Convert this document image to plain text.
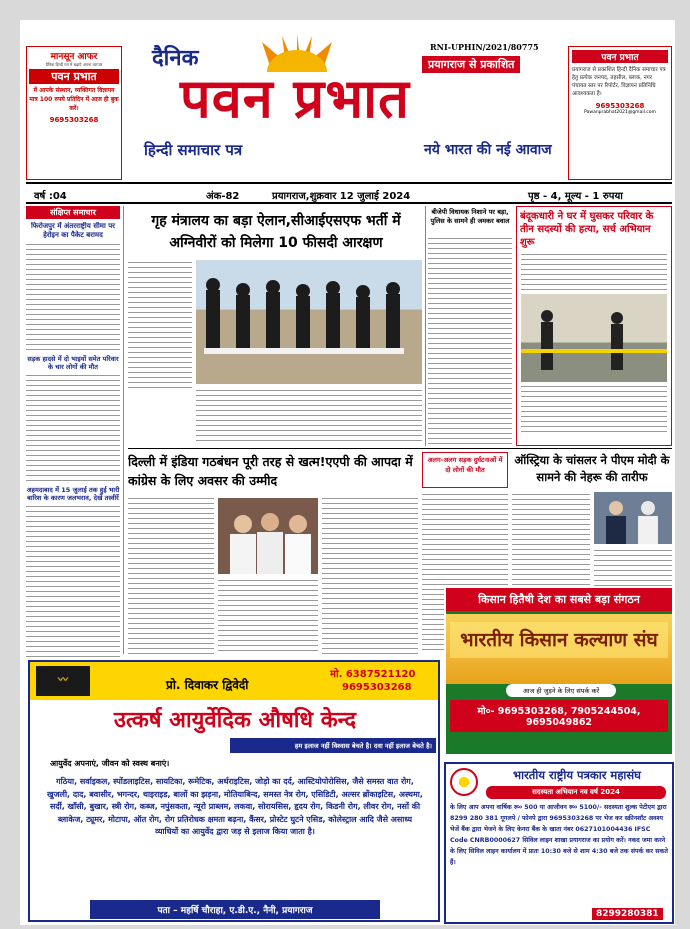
मानसून आफर
दैनिक हिन्दी पत्र में बढ़ाएँ अपना व्यापार
पवन प्रभात
में आपके संस्थान, व्यक्तिगत विज्ञापन मात्र 100 रुपये प्रतिदिन में आज ही बुक करें।
9695303268
दैनिक
पवन प्रभात
हिन्दी समाचार पत्र
RNI-UPHIN/2021/80775
प्रयागराज से प्रकाशित
नये भारत की नई आवाज
पवन प्रभात
प्रयागराज से प्रकाशित हिन्दी दैनिक समाचार पत्र हेतु प्रत्येक जनपद, तहसील, ब्लाक, नगर पंचायत स्तर पर रिपोर्टर, विज्ञापन प्रतिनिधि आवश्यकता है।
9695303268
Pawanprabhat2021@gmail.com
वर्ष :04	अंक-82	प्रयागराज,शुक्रवार 12 जुलाई 2024	पृष्ठ - 4, मूल्य - 1 रुपया
संक्षिप्त समाचार
फिरोजपुर में अंतरराष्ट्रीय सीमा पर हेरोइन का पैकेट बरामद
सड़क हादसे में दो भाइयों समेत परिवार के चार लोगों की मौत
अहमदाबाद में 15 जुलाई तक हुई भारी बारिश के कारण जलभराव, देखें तस्वीरें
गृह मंत्रालय का बड़ा ऐलान,सीआईएसएफ भर्ती में अग्निवीरों को मिलेगा 10 फीसदी आरक्षण
बीजेपी विधायक निशाने पर बड़ा, पुलिस के सामने ही जमकर बवाल बंदूकधारी ने घर में घुसकर परिवार के तीन सदस्यों की हत्या, सर्च अभियान शुरू
दिल्ली में इंडिया गठबंधन पूरी तरह से खत्म!एएपी की आपदा में कांग्रेस के लिए अवसर की उम्मीद
अलग-अलग सड़क दुर्घटनाओं में दो लोगों की मौत
ऑस्ट्रिया के चांसलर ने पीएम मोदी के सामने की नेहरू की तारीफ
किसान हितैषी देश का सबसे बड़ा संगठन
भारतीय किसान कल्याण संघ
आज ही जुड़ने के लिए संपर्क करें
मो०- 9695303268, 7905244504, 9695049862
〰	प्रो. दिवाकर द्विवेदी
मो. 6387521120
9695303268
उत्कर्ष आयुर्वेदिक औषधि केन्द
हम इलाज नहीं विश्वास बेचते है। दवा नहीं इलाज बेचते है।
आयुर्वेद अपनाएं, जीवन को स्वस्थ बनाएं।
गठिया, सर्वाइकल, स्पोंडलाइटिस, सायटिका, रूमेटिक, अर्थराइटिस, जोड़ो का दर्द, आस्टियोपोरोसिस, जैसे समस्त वात रोग, खुजली, दाद, बवासीर, भगन्दर, थाइराइड, बालों का झड़ना, मोतियाबिन्द, समस्त नेत्र रोग, एसिडिटी, अल्सर ब्रोंकाइटिस, अस्थमा, सर्दी, खाँसी, बुखार, स्त्री रोग, कब्ज, नपुंसकता, न्यूरो प्राब्लम, लकवा, सोरायसिस, हृदय रोग, किडनी रोग, लीवर रोग, नसों की ब्लाकेज, ट्यूमर, मोटापा, ऑत रोग, रोग प्रतिरोधक क्षमता बढ़ना, कैंसर, प्रोस्टेट घुटने एसिड, कोलेस्ट्राल आदि जैसे असाध्य व्याधियों का आयुर्वेद द्वारा जड़ से इलाज किया जाता है।
पता – महर्षि चौराहा, ए.डी.ए., नैनी, प्रयागराज
भारतीय राष्ट्रीय पत्रकार महासंघ
सदस्यता अभियान नव वर्ष 2024
के लिए आप अपना वार्षिक रू० 500 या आजीवन रू० 5100/- सदस्यता शुल्क पेटीएम द्वारा 8299 280 381 गूगलपे / फोनपे द्वारा 9695303268 पर भेज कर स्क्रीनशॉट अवश्य भेजें बैंक द्वारा भेजने के लिए केनरा बैंक के खाता नंबर 0627101004436 IFSC Code CNRB0000627 सिविल लाइन शाखा प्रयागराज का प्रयोग करें। नकद जमा करने के लिए सिविल लाइन कार्यालय में प्रातः 10:30 बजे से शाम 4:30 बजे तक संपर्क कर सकते हैं।
8299280381
